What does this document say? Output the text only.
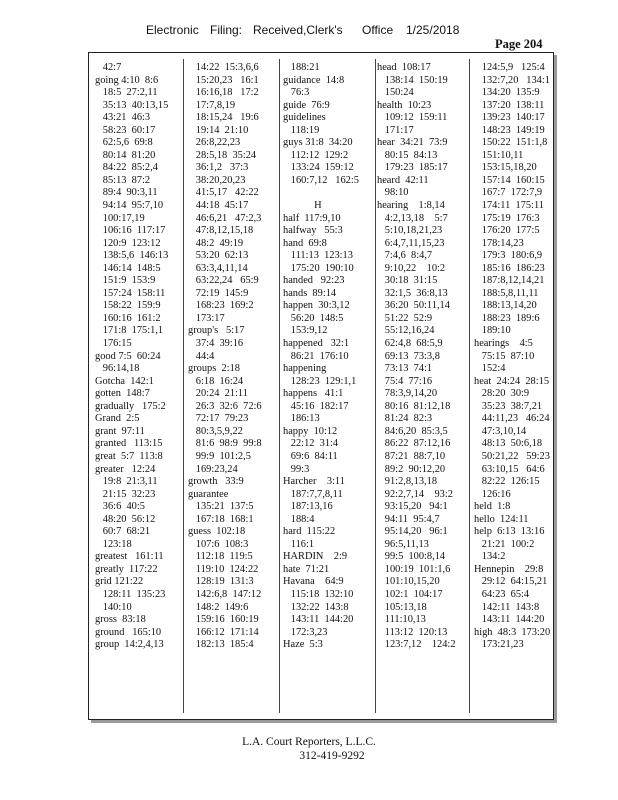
Electronic Filing: Received,Clerk's Office 1/25/2018
Page 204
42:7
going 4:10  8:6
18:5  27:2,11
35:13  40:13,15
43:21  46:3
58:23  60:17
62:5,6  69:8
80:14  81:20
84:22  85:2,4
85:13  87:2
89:4  90:3,11
94:14  95:7,10
100:17,19
106:16  117:17
120:9  123:12
138:5,6  146:13
146:14  148:5
151:9  153:9
157:24  158:11
158:22  159:9
160:16  161:2
171:8  175:1,1
176:15
good 7:5  60:24
96:14,18
Gotcha  142:1
gotten  148:7
gradually   175:2
Grand  2:5
grant  97:11
granted   113:15
great  5:7  113:8
greater   12:24
19:8  21:3,11
21:15  32:23
36:6  40:5
48:20  56:12
60:7  68:21
123:18
greatest   161:11
greatly  117:22
grid 121:22
128:11  135:23
140:10
gross  83:18
ground   165:10
group  14:2,4,13
14:22  15:3,6,6
15:20,23   16:1
16:16,18   17:2
17:7,8,19
18:15,24   19:6
19:14  21:10
26:8,22,23
28:5,18  35:24
36:1,2   37:3
38:20,20,23
41:5,17   42:22
44:18  45:17
46:6,21   47:2,3
47:8,12,15,18
48:2  49:19
53:20  62:13
63:3,4,11,14
63:22,24   65:9
72:19  145:9
168:23  169:2
173:17
group's   5:17
37:4  39:16
44:4
groups  2:18
6:18  16:24
20:24  21:11
26:3  32:6  72:6
72:17  79:23
80:3,5,9,22
81:6  98:9  99:8
99:9  101:2,5
169:23,24
growth   33:9
guarantee
135:21  137:5
167:18  168:1
guess  102:18
107:6  108:3
112:18  119:5
119:10  124:22
128:19  131:3
142:6,8  147:12
148:2  149:6
159:16  160:19
166:12  171:14
182:13  185:4
188:21
guidance  14:8
76:3
guide  76:9
guidelines
118:19
guys 31:8  34:20
112:12  129:2
133:24  159:12
160:7,12   162:5

H
half  117:9,10
halfway   55:3
hand  69:8
111:13  123:13
175:20  190:10
handed   92:23
hands  89:14
happen  30:3,12
56:20  148:5
153:9,12
happened   32:1
86:21  176:10
happening
128:23  129:1,1
happens   41:1
45:16  182:17
186:13
happy  10:12
22:12  31:4
69:6  84:11
99:3
Harcher    3:11
187:7,7,8,11
187:13,16
188:4
hard  115:22
116:1
HARDIN    2:9
hate  71:21
Havana    64:9
115:18  132:10
132:22  143:8
143:11  144:20
172:3,23
Haze  5:3
head  108:17
138:14  150:19
150:24
health  10:23
109:12  159:11
171:17
hear  34:21  73:9
80:15  84:13
179:23  185:17
heard  42:11
98:10
hearing    1:8,14
4:2,13,18    5:7
5:10,18,21,23
6:4,7,11,15,23
7:4,6  8:4,7
9:10,22    10:2
30:18  31:15
32:1,5  36:8,13
36:20  50:11,14
51:22  52:9
55:12,16,24
62:4,8  68:5,9
69:13  73:3,8
73:13  74:1
75:4  77:16
78:3,9,14,20
80:16  81:12,18
81:24  82:3
84:6,20  85:3,5
86:22  87:12,16
87:21  88:7,10
89:2  90:12,20
91:2,8,13,18
92:2,7,14    93:2
93:15,20   94:1
94:11  95:4,7
95:14,20   96:1
96:5,11,13
99:5  100:8,14
100:19  101:1,6
101:10,15,20
102:1  104:17
105:13,18
111:10,13
113:12  120:13
123:7,12    124:2
124:5,9   125:4
132:7,20   134:1
134:20  135:9
137:20  138:11
139:23  140:17
148:23  149:19
150:22  151:1,8
151:10,11
153:15,18,20
157:14  160:15
167:7  172:7,9
174:11  175:11
175:19  176:3
176:20  177:5
178:14,23
179:3  180:6,9
185:16  186:23
187:8,12,14,21
188:5,8,11,11
188:13,14,20
188:23  189:6
189:10
hearings    4:5
75:15  87:10
152:4
heat  24:24  28:15
28:20  30:9
35:23  38:7,21
44:11,23   46:24
47:3,10,14
48:13  50:6,18
50:21,22   59:23
63:10,15   64:6
82:22  126:15
126:16
held  1:8
hello  124:11
help  6:13  13:16
21:21  100:2
134:2
Hennepin    29:8
29:12  64:15,21
64:23  65:4
142:11  143:8
143:11  144:20
high  48:3  173:20
173:21,23
L.A. Court Reporters, L.L.C.
312-419-9292
